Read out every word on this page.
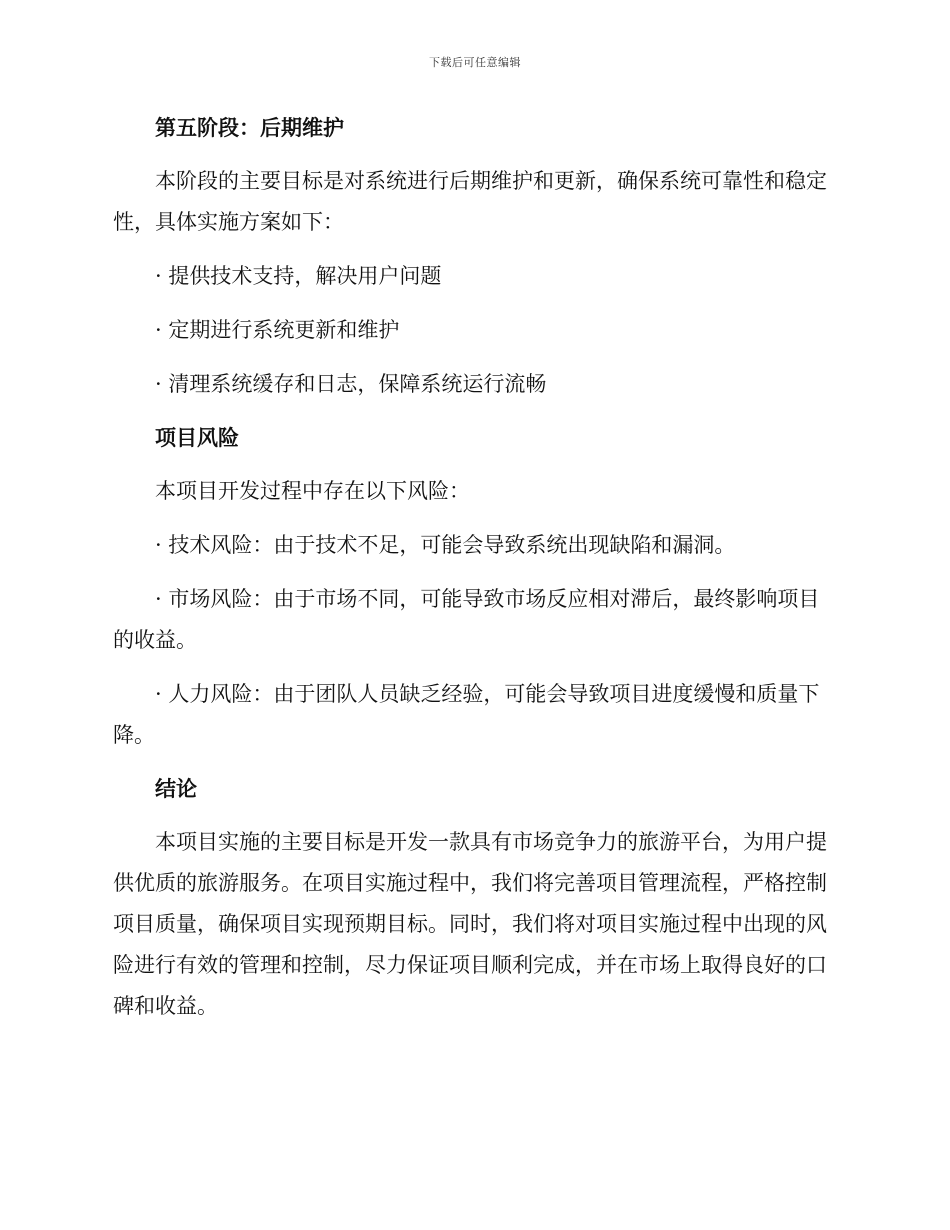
下载后可任意编辑

第五阶段：后期维护

本阶段的主要目标是对系统进行后期维护和更新，确保系统可靠性和稳定性，具体实施方案如下：

· 提供技术支持，解决用户问题

· 定期进行系统更新和维护

· 清理系统缓存和日志，保障系统运行流畅

项目风险

本项目开发过程中存在以下风险：

· 技术风险：由于技术不足，可能会导致系统出现缺陷和漏洞。

· 市场风险：由于市场不同，可能导致市场反应相对滞后，最终影响项目的收益。

· 人力风险：由于团队人员缺乏经验，可能会导致项目进度缓慢和质量下降。

结论

本项目实施的主要目标是开发一款具有市场竞争力的旅游平台，为用户提供优质的旅游服务。在项目实施过程中，我们将完善项目管理流程，严格控制项目质量，确保项目实现预期目标。同时，我们将对项目实施过程中出现的风险进行有效的管理和控制，尽力保证项目顺利完成，并在市场上取得良好的口碑和收益。
